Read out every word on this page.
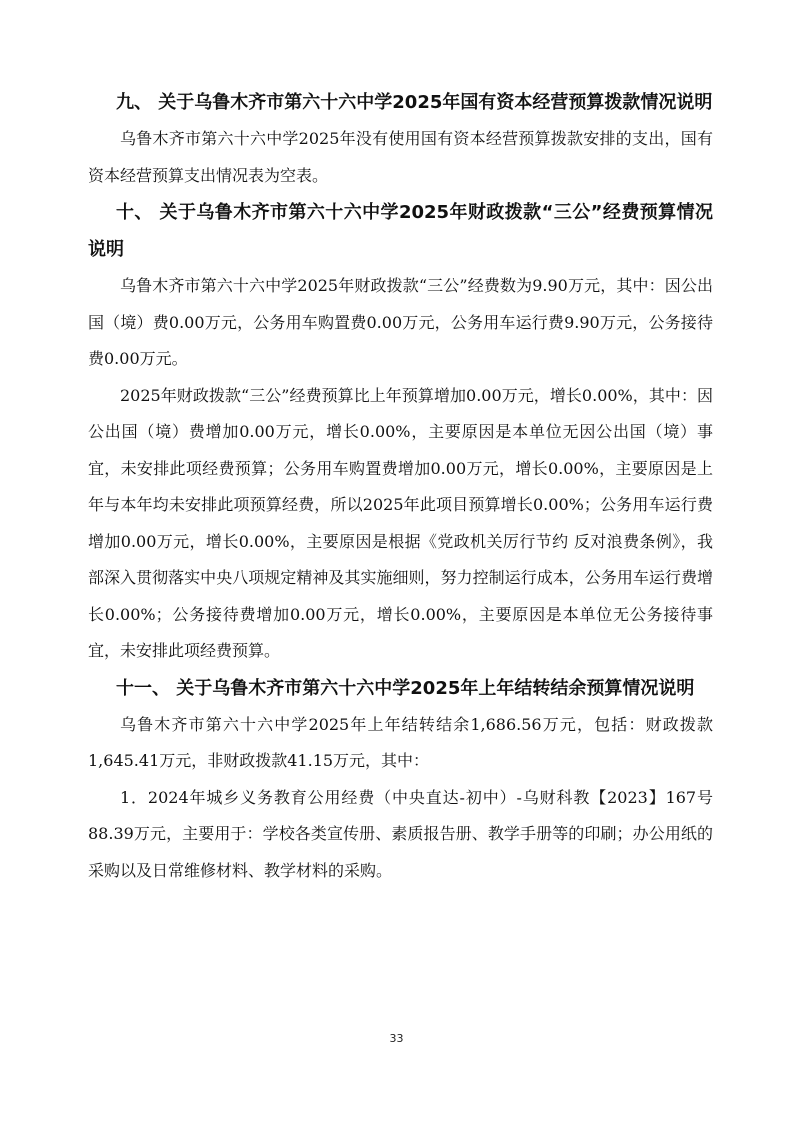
九、 关于乌鲁木齐市第六十六中学2025年国有资本经营预算拨款情况说明

乌鲁木齐市第六十六中学2025年没有使用国有资本经营预算拨款安排的支出，国有资本经营预算支出情况表为空表。

十、 关于乌鲁木齐市第六十六中学2025年财政拨款“三公”经费预算情况说明

乌鲁木齐市第六十六中学2025年财政拨款“三公”经费数为9.90万元，其中：因公出国（境）费0.00万元，公务用车购置费0.00万元，公务用车运行费9.90万元，公务接待费0.00万元。

2025年财政拨款“三公”经费预算比上年预算增加0.00万元，增长0.00%，其中：因公出国（境）费增加0.00万元，增长0.00%，主要原因是本单位无因公出国（境）事宜，未安排此项经费预算；公务用车购置费增加0.00万元，增长0.00%，主要原因是上年与本年均未安排此项预算经费，所以2025年此项目预算增长0.00%；公务用车运行费增加0.00万元，增长0.00%，主要原因是根据《党政机关厉行节约 反对浪费条例》，我部深入贯彻落实中央八项规定精神及其实施细则，努力控制运行成本，公务用车运行费增长0.00%；公务接待费增加0.00万元，增长0.00%，主要原因是本单位无公务接待事宜，未安排此项经费预算。

十一、 关于乌鲁木齐市第六十六中学2025年上年结转结余预算情况说明

乌鲁木齐市第六十六中学2025年上年结转结余1,686.56万元，包括：财政拨款1,645.41万元，非财政拨款41.15万元，其中：

1．2024年城乡义务教育公用经费（中央直达-初中）-乌财科教【2023】167号 88.39万元，主要用于：学校各类宣传册、素质报告册、教学手册等的印刷；办公用纸的采购以及日常维修材料、教学材料的采购。

33
